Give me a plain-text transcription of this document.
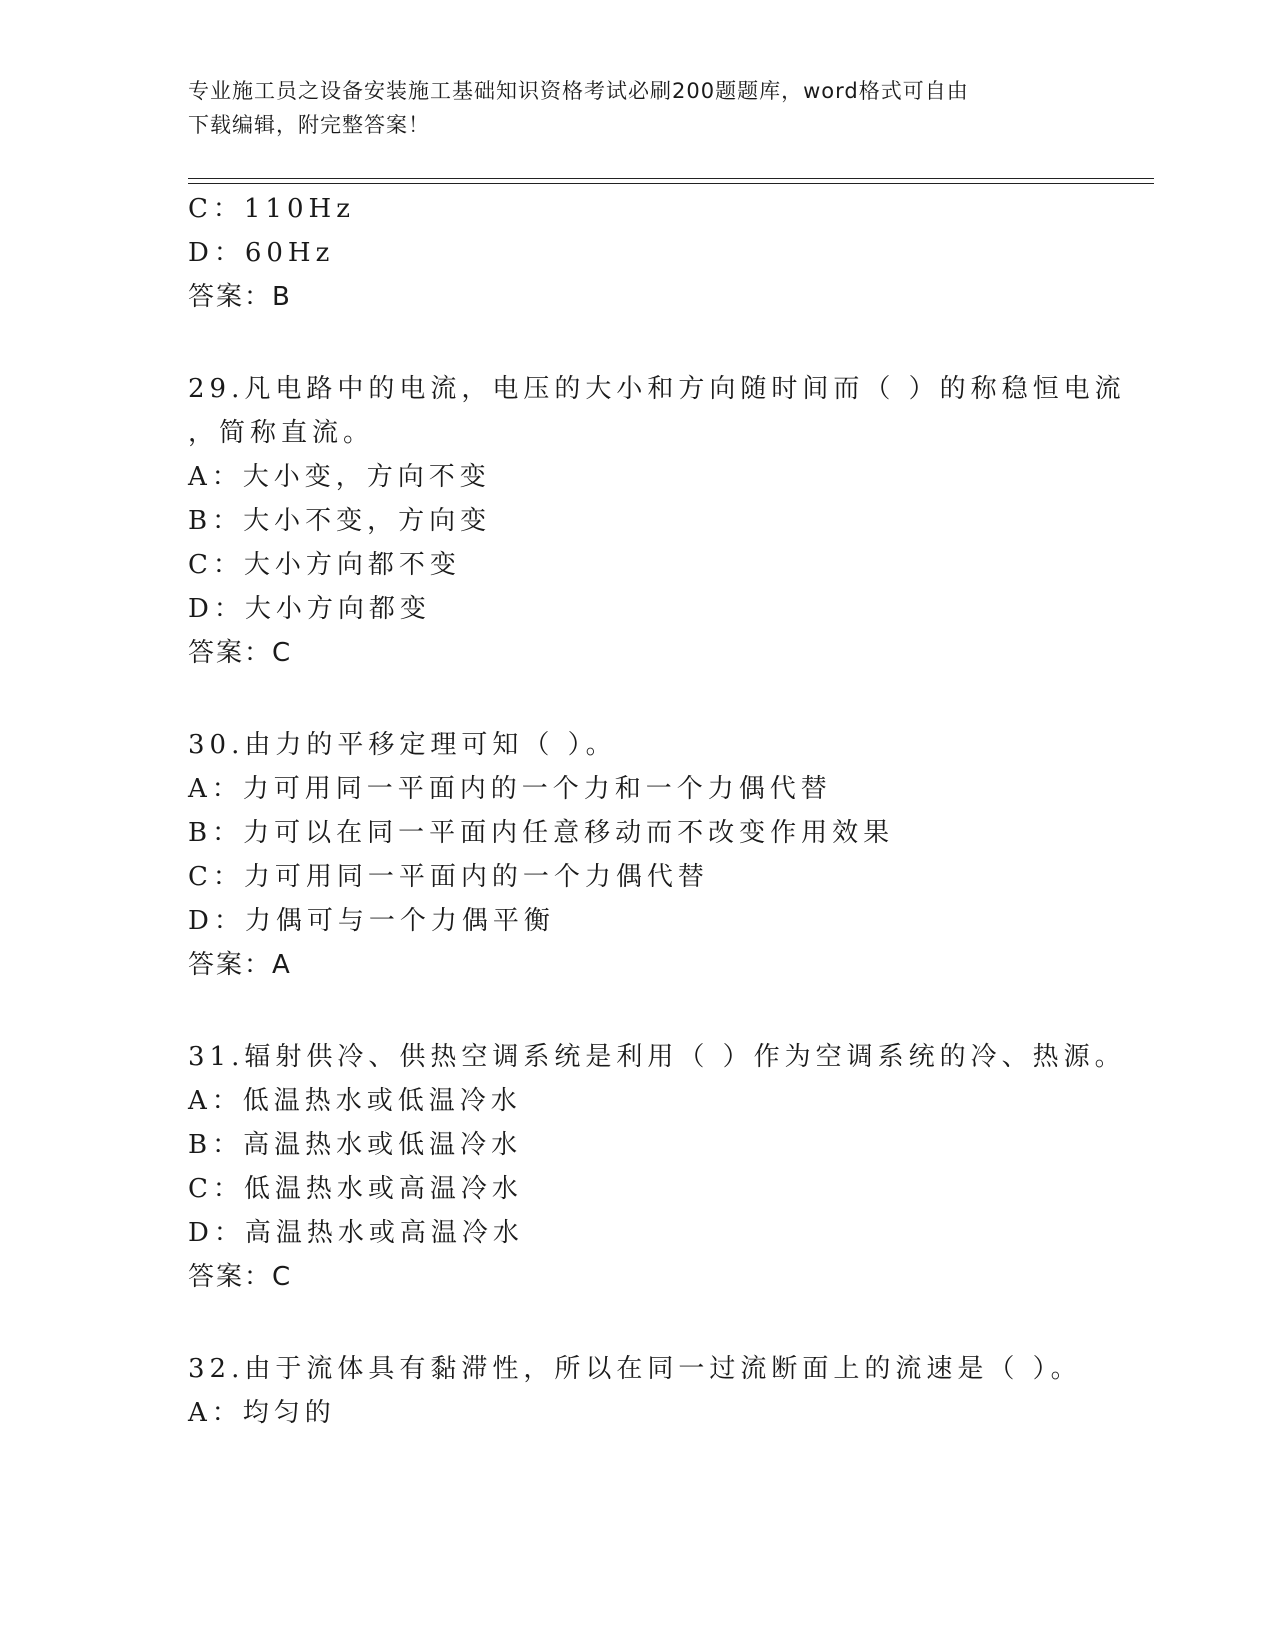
专业施工员之设备安装施工基础知识资格考试必刷200题题库，word格式可自由
下载编辑，附完整答案！
C：110Hz
D：60Hz
答案：B
29.凡电路中的电流，电压的大小和方向随时间而（ ）的称稳恒电流
，简称直流。
A：大小变，方向不变
B：大小不变，方向变
C：大小方向都不变
D：大小方向都变
答案：C
30.由力的平移定理可知（ ）。
A：力可用同一平面内的一个力和一个力偶代替
B：力可以在同一平面内任意移动而不改变作用效果
C：力可用同一平面内的一个力偶代替
D：力偶可与一个力偶平衡
答案：A
31.辐射供冷、供热空调系统是利用（ ）作为空调系统的冷、热源。
A：低温热水或低温冷水
B：高温热水或低温冷水
C：低温热水或高温冷水
D：高温热水或高温冷水
答案：C
32.由于流体具有黏滞性，所以在同一过流断面上的流速是（ ）。
A：均匀的
